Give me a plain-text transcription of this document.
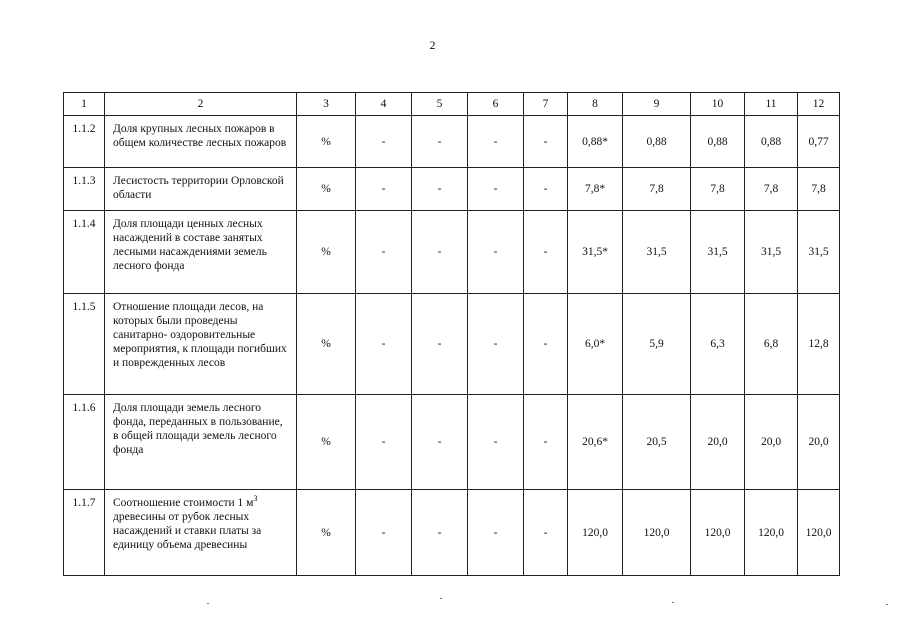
2
1	2	3	4	5	6	7	8	9	10	11	12
1.1.2	Доля крупных лесных пожаров в общем количестве лесных пожаров	%	-	-	-	-	0,88*	0,88	0,88	0,88	0,77
1.1.3	Лесистость территории Орловской области	%	-	-	-	-	7,8*	7,8	7,8	7,8	7,8
1.1.4	Доля площади ценных лесных насаждений в составе занятых лесными насаждениями земель лесного фонда	%	-	-	-	-	31,5*	31,5	31,5	31,5	31,5
1.1.5	Отношение площади лесов, на которых были проведены санитарно- оздоровительные мероприятия, к площади погибших и поврежденных лесов	%	-	-	-	-	6,0*	5,9	6,3	6,8	12,8
1.1.6	Доля площади земель лесного фонда, переданных в пользование, в общей площади земель лесного фонда	%	-	-	-	-	20,6*	20,5	20,0	20,0	20,0
1.1.7	Соотношение стоимости 1 $м^3$ древесины от рубок лесных насаждений и ставки платы за единицу объема древесины	%	-	-	-	-	120,0	120,0	120,0	120,0	120,0
